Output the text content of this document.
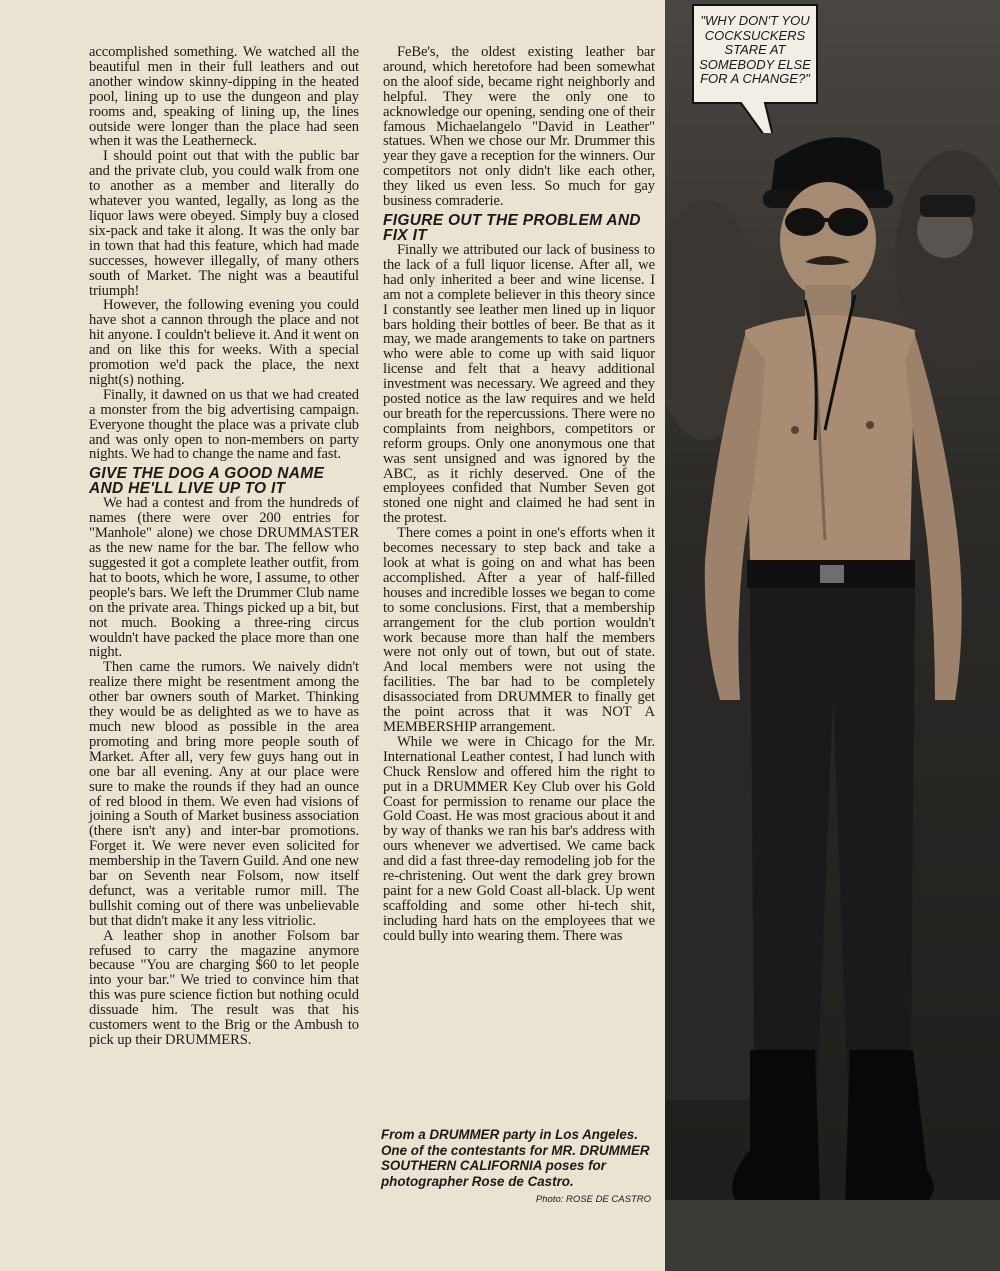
accomplished something. We watched all the beautiful men in their full leathers and out another window skinny-dipping in the heated pool, lining up to use the dungeon and play rooms and, speaking of lining up, the lines outside were longer than the place had seen when it was the Leatherneck.

I should point out that with the public bar and the private club, you could walk from one to another as a member and literally do whatever you wanted, legally, as long as the liquor laws were obeyed. Simply buy a closed six-pack and take it along. It was the only bar in town that had this feature, which had made successes, however illegally, of many others south of Market. The night was a beautiful triumph!

However, the following evening you could have shot a cannon through the place and not hit anyone. I couldn't believe it. And it went on and on like this for weeks. With a special promotion we'd pack the place, the next night(s) nothing.

Finally, it dawned on us that we had created a monster from the big advertising campaign. Everyone thought the place was a private club and was only open to non-members on party nights. We had to change the name and fast.

GIVE THE DOG A GOOD NAME AND HE'LL LIVE UP TO IT

We had a contest and from the hundreds of names (there were over 200 entries for "Manhole" alone) we chose DRUMMASTER as the new name for the bar. The fellow who suggested it got a complete leather outfit, from hat to boots, which he wore, I assume, to other people's bars. We left the Drummer Club name on the private area. Things picked up a bit, but not much. Booking a three-ring circus wouldn't have packed the place more than one night.

Then came the rumors. We naively didn't realize there might be resentment among the other bar owners south of Market. Thinking they would be as delighted as we to have as much new blood as possible in the area promoting and bring more people south of Market. After all, very few guys hang out in one bar all evening. Any at our place were sure to make the rounds if they had an ounce of red blood in them. We even had visions of joining a South of Market business association (there isn't any) and inter-bar promotions. Forget it. We were never even solicited for membership in the Tavern Guild. And one new bar on Seventh near Folsom, now itself defunct, was a veritable rumor mill. The bullshit coming out of there was unbelievable but that didn't make it any less vitriolic.

A leather shop in another Folsom bar refused to carry the magazine anymore because "You are charging $60 to let people into your bar." We tried to convince him that this was pure science fiction but nothing oculd dissuade him. The result was that his customers went to the Brig or the Ambush to pick up their DRUMMERS.

FeBe's, the oldest existing leather bar around, which heretofore had been somewhat on the aloof side, became right neighborly and helpful. They were the only one to acknowledge our opening, sending one of their famous Michaelangelo "David in Leather" statues. When we chose our Mr. Drummer this year they gave a reception for the winners. Our competitors not only didn't like each other, they liked us even less. So much for gay business comraderie.

FIGURE OUT THE PROBLEM AND FIX IT

Finally we attributed our lack of business to the lack of a full liquor license. After all, we had only inherited a beer and wine license. I am not a complete believer in this theory since I constantly see leather men lined up in liquor bars holding their bottles of beer. Be that as it may, we made arangements to take on partners who were able to come up with said liquor license and felt that a heavy additional investment was necessary. We agreed and they posted notice as the law requires and we held our breath for the repercussions. There were no complaints from neighbors, competitors or reform groups. Only one anonymous one that was sent unsigned and was ignored by the ABC, as it richly deserved. One of the employees confided that Number Seven got stoned one night and claimed he had sent in the protest.

There comes a point in one's efforts when it becomes necessary to step back and take a look at what is going on and what has been accomplished. After a year of half-filled houses and incredible losses we began to come to some conclusions. First, that a membership arrangement for the club portion wouldn't work because more than half the members were not only out of town, but out of state. And local members were not using the facilities. The bar had to be completely disassociated from DRUMMER to finally get the point across that it was NOT A MEMBERSHIP arrangement.

While we were in Chicago for the Mr. International Leather contest, I had lunch with Chuck Renslow and offered him the right to put in a DRUMMER Key Club over his Gold Coast for permission to rename our place the Gold Coast. He was most gracious about it and by way of thanks we ran his bar's address with ours whenever we advertised. We came back and did a fast three-day remodeling job for the re-christening. Out went the dark grey brown paint for a new Gold Coast all-black. Up went scaffolding and some other hi-tech shit, including hard hats on the employees that we could bully into wearing them. There was

From a DRUMMER party in Los Angeles. One of the contestants for MR. DRUMMER SOUTHERN CALIFORNIA poses for photographer Rose de Castro.
Photo: ROSE DE CASTRO
"WHY DON'T YOU COCKSUCKERS STARE AT SOMEBODY ELSE FOR A CHANGE?"
